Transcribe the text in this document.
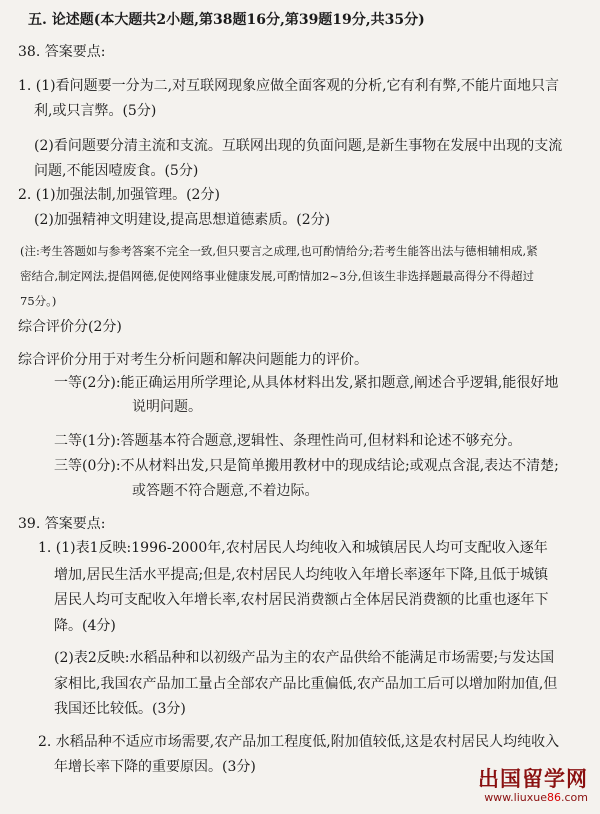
五. 论述题(本大题共2小题,第38题16分,第39题19分,共35分)
38. 答案要点:
1. (1)看问题要一分为二,对互联网现象应做全面客观的分析,它有利有弊,不能片面地只言
利,或只言弊。(5分)
(2)看问题要分清主流和支流。互联网出现的负面问题,是新生事物在发展中出现的支流
问题,不能因噎废食。(5分)
2. (1)加强法制,加强管理。(2分)
(2)加强精神文明建设,提高思想道德素质。(2分)
(注:考生答题如与参考答案不完全一致,但只要言之成理,也可酌情给分;若考生能答出法与德相辅相成,紧
密结合,制定网法,提倡网德,促使网络事业健康发展,可酌情加2~3分,但该生非选择题最高得分不得超过
75分。)
综合评价分(2分)
综合评价分用于对考生分析问题和解决问题能力的评价。
一等(2分):能正确运用所学理论,从具体材料出发,紧扣题意,阐述合乎逻辑,能很好地
说明问题。
二等(1分):答题基本符合题意,逻辑性、条理性尚可,但材料和论述不够充分。
三等(0分):不从材料出发,只是简单搬用教材中的现成结论;或观点含混,表达不清楚;
或答题不符合题意,不着边际。
39. 答案要点:
1. (1)表1反映:1996-2000年,农村居民人均纯收入和城镇居民人均可支配收入逐年
增加,居民生活水平提高;但是,农村居民人均纯收入年增长率逐年下降,且低于城镇
居民人均可支配收入年增长率,农村居民消费额占全体居民消费额的比重也逐年下
降。(4分)
(2)表2反映:水稻品种和以初级产品为主的农产品供给不能满足市场需要;与发达国
家相比,我国农产品加工量占全部农产品比重偏低,农产品加工后可以增加附加值,但
我国还比较低。(3分)
2. 水稻品种不适应市场需要,农产品加工程度低,附加值较低,这是农村居民人均纯收入
年增长率下降的重要原因。(3分)	出国留学网
www.liuxue86.com
